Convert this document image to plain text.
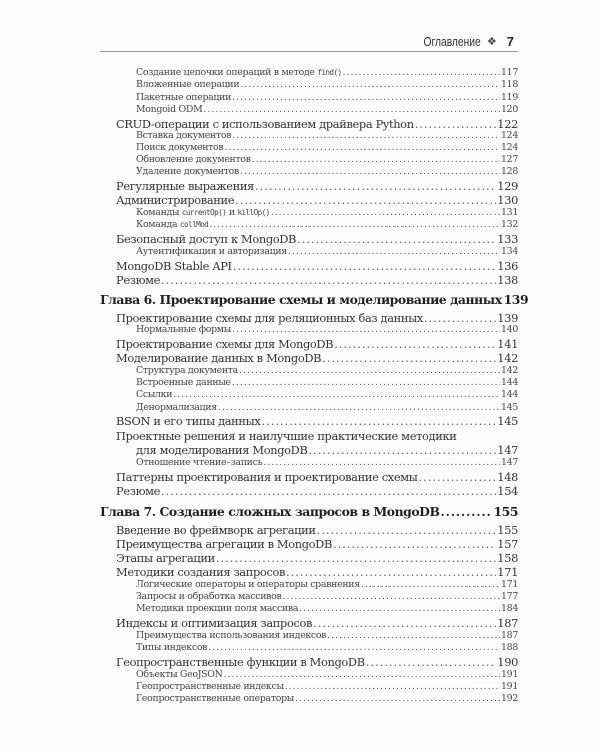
Оглавление ❖ 7
Создание цепочки операций в методе find() .....	117
Вложенные операции .....	118
Пакетные операции .....	119
Mongoid ODM .....	120
CRUD-операции с использованием драйвера Python .....	122
Вставка документов .....	124
Поиск документов .....	124
Обновление документов .....	127
Удаление документов .....	128
Регулярные выражения .....	129
Администрирование .....	130
Команды currentOp() и killOp() .....	131
Команда collMod .....	132
Безопасный доступ к MongoDB .....	133
Аутентификация и авторизация .....	134
MongoDB Stable API .....	136
Резюме .....	138
Глава 6. Проектирование схемы и моделирование данных 139
Проектирование схемы для реляционных баз данных .....	139
Нормальные формы .....	140
Проектирование схемы для MongoDB .....	141
Моделирование данных в MongoDB .....	142
Структура документа .....	142
Встроенные данные .....	144
Ссылки .....	144
Денормализация .....	145
BSON и его типы данных .....	145
Проектные решения и наилучшие практические методики
для моделирования MongoDB .....	147
Отношение чтение–запись .....	147
Паттерны проектирования и проектирование схемы .....	148
Резюме .....	154
Глава 7. Создание сложных запросов в MongoDB .....	155
Введение во фреймворк агрегации .....	155
Преимущества агрегации в MongoDB .....	157
Этапы агрегации .....	158
Методики создания запросов .....	171
Логические операторы и операторы сравнения .....	171
Запросы и обработка массивов .....	177
Методики проекции поля массива .....	184
Индексы и оптимизация запросов .....	187
Преимущества использования индексов .....	187
Типы индексов .....	188
Геопространственные функции в MongoDB .....	190
Объекты GeoJSON .....	191
Геопространственные индексы .....	191
Геопространственные операторы .....	192
